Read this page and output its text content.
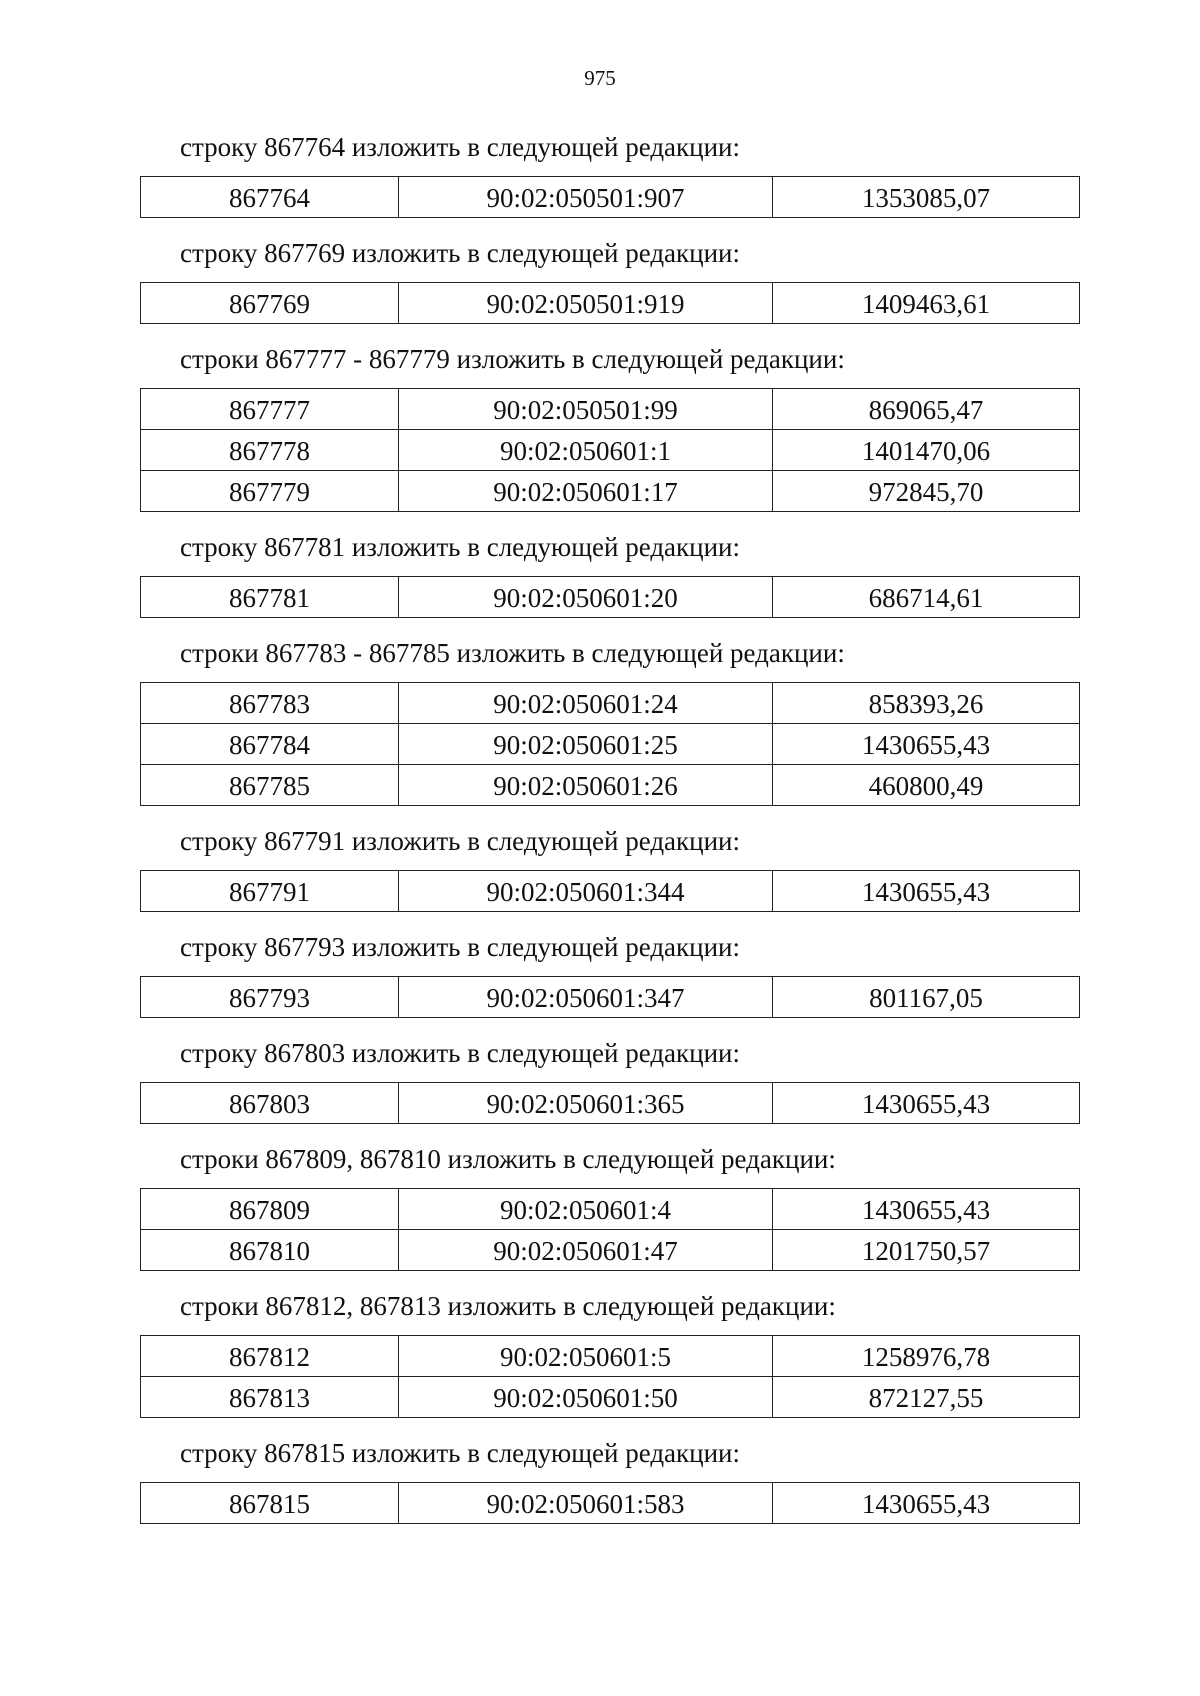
975
строку 867764 изложить в следующей редакции:
867764	90:02:050501:907	1353085,07
строку 867769 изложить в следующей редакции:
867769	90:02:050501:919	1409463,61
строки 867777 - 867779 изложить в следующей редакции:
867777	90:02:050501:99	869065,47
867778	90:02:050601:1	1401470,06
867779	90:02:050601:17	972845,70
строку 867781 изложить в следующей редакции:
867781	90:02:050601:20	686714,61
строки 867783 - 867785 изложить в следующей редакции:
867783	90:02:050601:24	858393,26
867784	90:02:050601:25	1430655,43
867785	90:02:050601:26	460800,49
строку 867791 изложить в следующей редакции:
867791	90:02:050601:344	1430655,43
строку 867793 изложить в следующей редакции:
867793	90:02:050601:347	801167,05
строку 867803 изложить в следующей редакции:
867803	90:02:050601:365	1430655,43
строки 867809, 867810 изложить в следующей редакции:
867809	90:02:050601:4	1430655,43
867810	90:02:050601:47	1201750,57
строки 867812, 867813 изложить в следующей редакции:
867812	90:02:050601:5	1258976,78
867813	90:02:050601:50	872127,55
строку 867815 изложить в следующей редакции:
867815	90:02:050601:583	1430655,43
